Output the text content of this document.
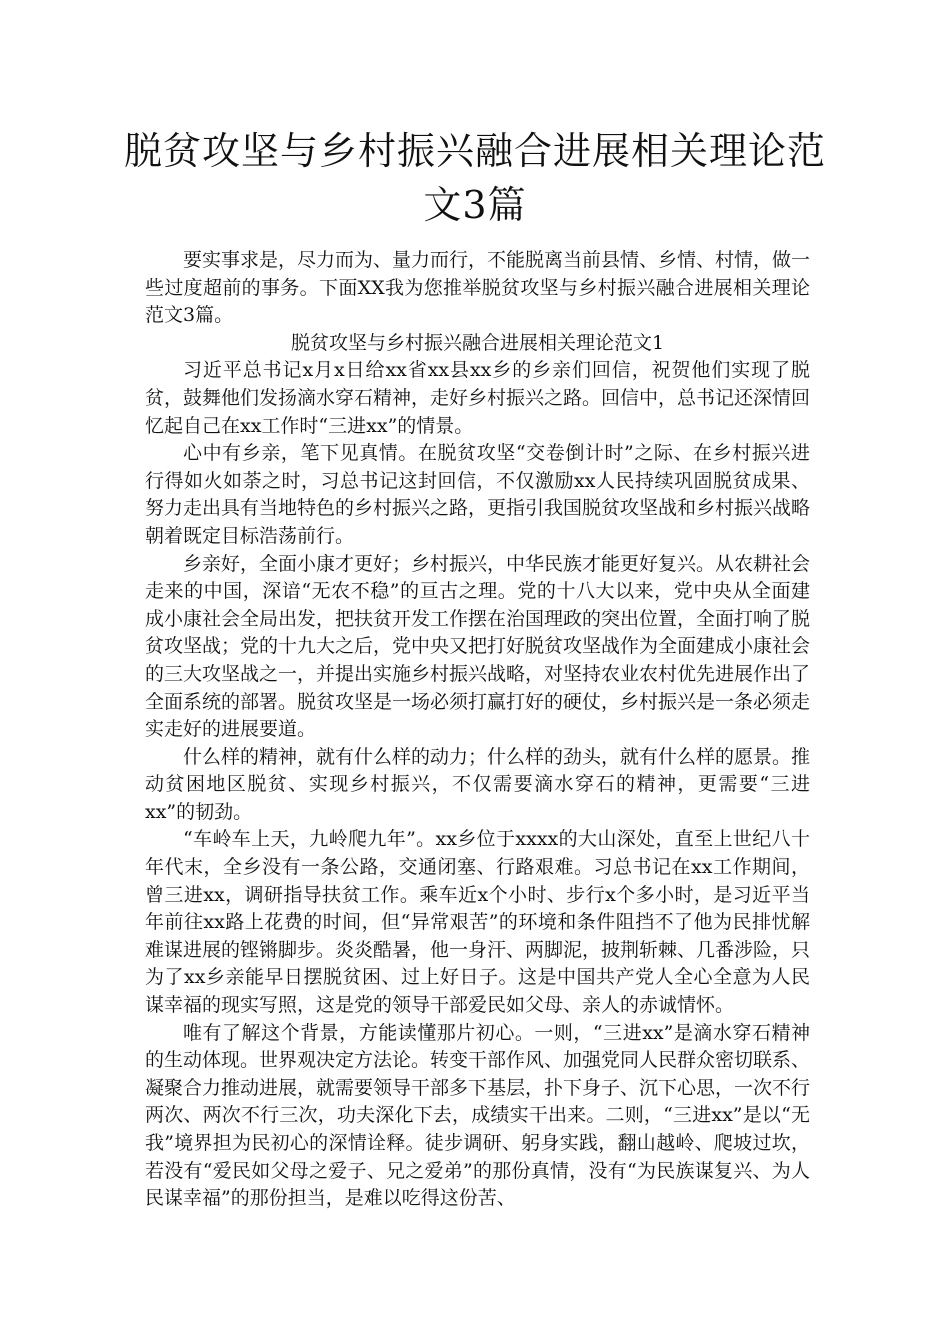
脱贫攻坚与乡村振兴融合进展相关理论范
文3篇

要实事求是，尽力而为、量力而行，不能脱离当前县情、乡情、村情，做一些过度超前的事务。下面XX我为您推举脱贫攻坚与乡村振兴融合进展相关理论范文3篇。

脱贫攻坚与乡村振兴融合进展相关理论范文1

习近平总书记x月x日给xx省xx县xx乡的乡亲们回信，祝贺他们实现了脱贫，鼓舞他们发扬滴水穿石精神，走好乡村振兴之路。回信中，总书记还深情回忆起自己在xx工作时“三进xx”的情景。

心中有乡亲，笔下见真情。在脱贫攻坚“交卷倒计时”之际、在乡村振兴进行得如火如荼之时，习总书记这封回信，不仅激励xx人民持续巩固脱贫成果、努力走出具有当地特色的乡村振兴之路，更指引我国脱贫攻坚战和乡村振兴战略朝着既定目标浩荡前行。

乡亲好，全面小康才更好；乡村振兴，中华民族才能更好复兴。从农耕社会走来的中国，深谙“无农不稳”的亘古之理。党的十八大以来，党中央从全面建成小康社会全局出发，把扶贫开发工作摆在治国理政的突出位置，全面打响了脱贫攻坚战；党的十九大之后，党中央又把打好脱贫攻坚战作为全面建成小康社会的三大攻坚战之一，并提出实施乡村振兴战略，对坚持农业农村优先进展作出了全面系统的部署。脱贫攻坚是一场必须打赢打好的硬仗，乡村振兴是一条必须走实走好的进展要道。

什么样的精神，就有什么样的动力；什么样的劲头，就有什么样的愿景。推动贫困地区脱贫、实现乡村振兴，不仅需要滴水穿石的精神，更需要“三进xx”的韧劲。

“车岭车上天，九岭爬九年”。xx乡位于xxxx的大山深处，直至上世纪八十年代末，全乡没有一条公路，交通闭塞、行路艰难。习总书记在xx工作期间，曾三进xx，调研指导扶贫工作。乘车近x个小时、步行x个多小时，是习近平当年前往xx路上花费的时间，但“异常艰苦”的环境和条件阻挡不了他为民排忧解难谋进展的铿锵脚步。炎炎酷暑，他一身汗、两脚泥，披荆斩棘、几番涉险，只为了xx乡亲能早日摆脱贫困、过上好日子。这是中国共产党人全心全意为人民谋幸福的现实写照，这是党的领导干部爱民如父母、亲人的赤诚情怀。

唯有了解这个背景，方能读懂那片初心。一则，“三进xx”是滴水穿石精神的生动体现。世界观决定方法论。转变干部作风、加强党同人民群众密切联系、凝聚合力推动进展，就需要领导干部多下基层，扑下身子、沉下心思，一次不行两次、两次不行三次，功夫深化下去，成绩实干出来。二则，“三进xx”是以“无我”境界担为民初心的深情诠释。徒步调研、躬身实践，翻山越岭、爬坡过坎，若没有“爱民如父母之爱子、兄之爱弟”的那份真情，没有“为民族谋复兴、为人民谋幸福”的那份担当，是难以吃得这份苦、
